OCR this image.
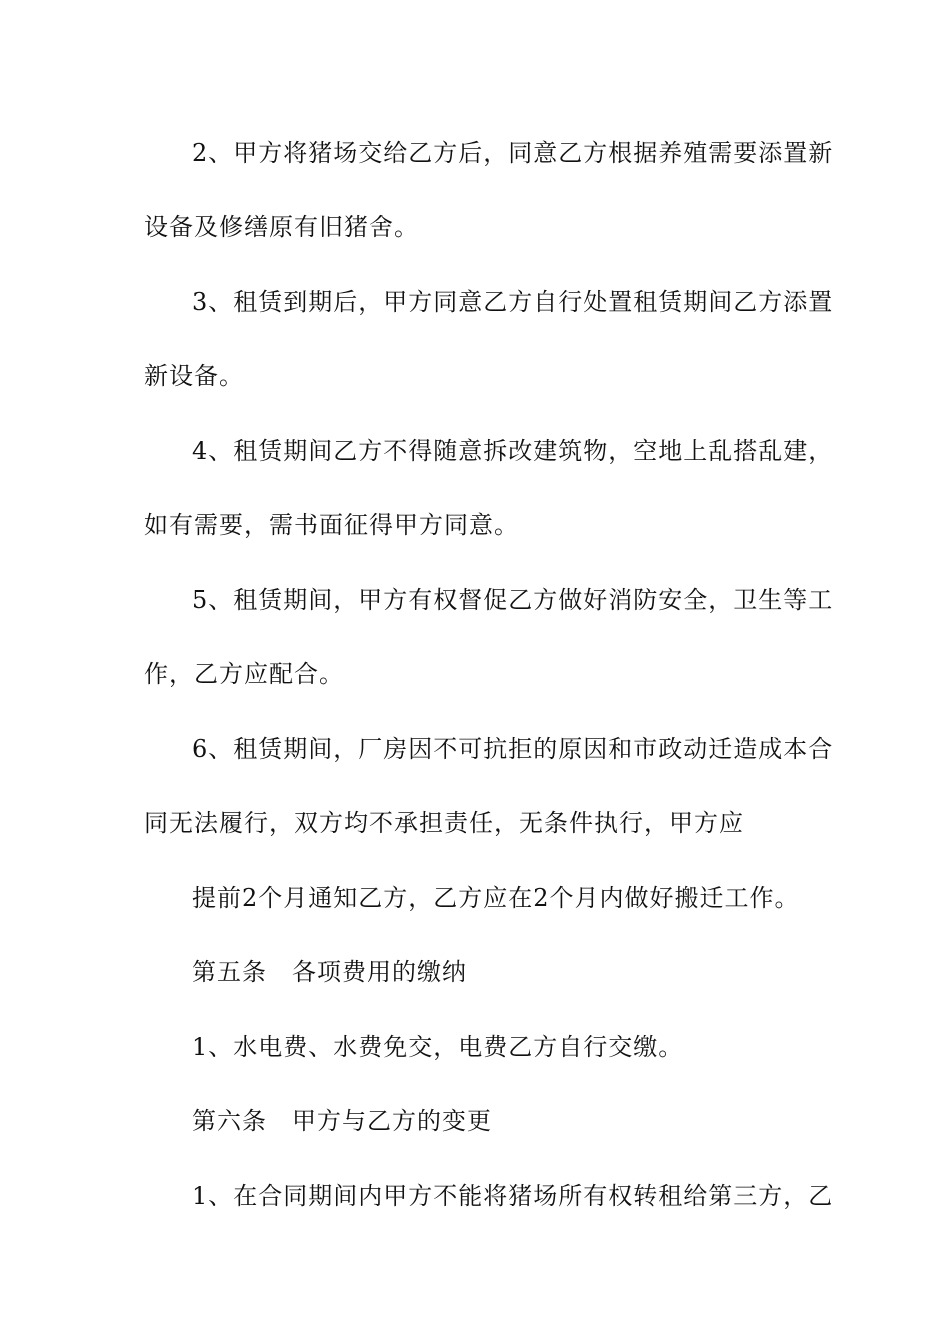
2、甲方将猪场交给乙方后，同意乙方根据养殖需要添置新

设备及修缮原有旧猪舍。

3、租赁到期后，甲方同意乙方自行处置租赁期间乙方添置

新设备。

4、租赁期间乙方不得随意拆改建筑物，空地上乱搭乱建，

如有需要，需书面征得甲方同意。

5、租赁期间，甲方有权督促乙方做好消防安全，卫生等工

作，乙方应配合。

6、租赁期间，厂房因不可抗拒的原因和市政动迁造成本合

同无法履行，双方均不承担责任，无条件执行，甲方应

提前2个月通知乙方，乙方应在2个月内做好搬迁工作。

第五条　各项费用的缴纳

1、水电费、水费免交，电费乙方自行交缴。

第六条　甲方与乙方的变更

1、在合同期间内甲方不能将猪场所有权转租给第三方，乙
